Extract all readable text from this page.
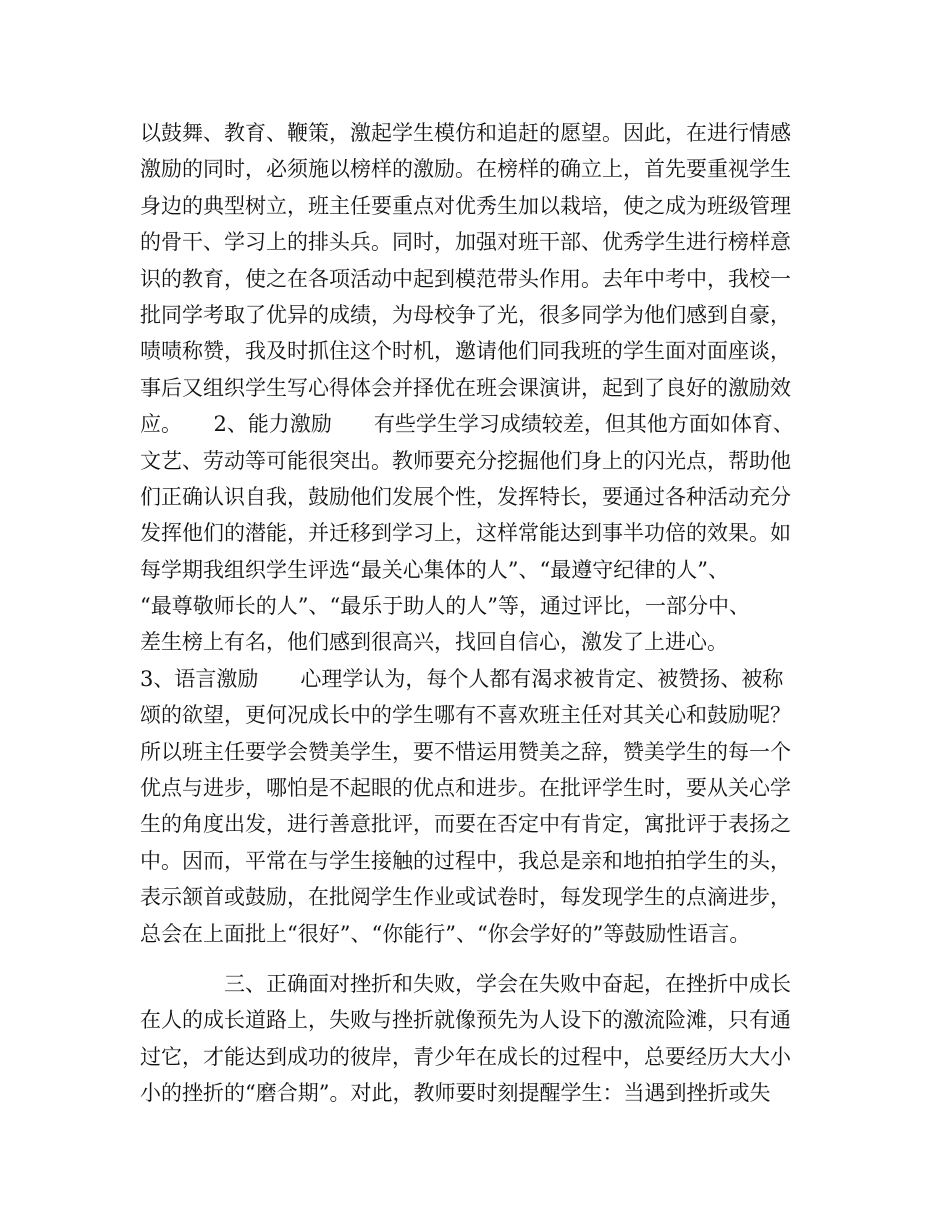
以鼓舞、教育、鞭策，激起学生模仿和追赶的愿望。因此，在进行情感
激励的同时，必须施以榜样的激励。在榜样的确立上，首先要重视学生
身边的典型树立，班主任要重点对优秀生加以栽培，使之成为班级管理
的骨干、学习上的排头兵。同时，加强对班干部、优秀学生进行榜样意
识的教育，使之在各项活动中起到模范带头作用。去年中考中，我校一
批同学考取了优异的成绩，为母校争了光，很多同学为他们感到自豪，
啧啧称赞，我及时抓住这个时机，邀请他们同我班的学生面对面座谈，
事后又组织学生写心得体会并择优在班会课演讲，起到了良好的激励效
应。　　2、能力激励　　有些学生学习成绩较差，但其他方面如体育、
文艺、劳动等可能很突出。教师要充分挖掘他们身上的闪光点，帮助他
们正确认识自我，鼓励他们发展个性，发挥特长，要通过各种活动充分
发挥他们的潜能，并迁移到学习上，这样常能达到事半功倍的效果。如
每学期我组织学生评选“最关心集体的人”、“最遵守纪律的人”、
“最尊敬师长的人”、“最乐于助人的人”等，通过评比，一部分中、
差生榜上有名，他们感到很高兴，找回自信心，激发了上进心。
3、语言激励　　心理学认为，每个人都有渴求被肯定、被赞扬、被称
颂的欲望，更何况成长中的学生哪有不喜欢班主任对其关心和鼓励呢？
所以班主任要学会赞美学生，要不惜运用赞美之辞，赞美学生的每一个
优点与进步，哪怕是不起眼的优点和进步。在批评学生时，要从关心学
生的角度出发，进行善意批评，而要在否定中有肯定，寓批评于表扬之
中。因而，平常在与学生接触的过程中，我总是亲和地拍拍学生的头，
表示颔首或鼓励，在批阅学生作业或试卷时，每发现学生的点滴进步，
总会在上面批上“很好”、“你能行”、“你会学好的”等鼓励性语言。
　　　　三、正确面对挫折和失败，学会在失败中奋起，在挫折中成长
在人的成长道路上，失败与挫折就像预先为人设下的激流险滩，只有通
过它，才能达到成功的彼岸，青少年在成长的过程中，总要经历大大小
小的挫折的“磨合期”。对此，教师要时刻提醒学生：当遇到挫折或失
